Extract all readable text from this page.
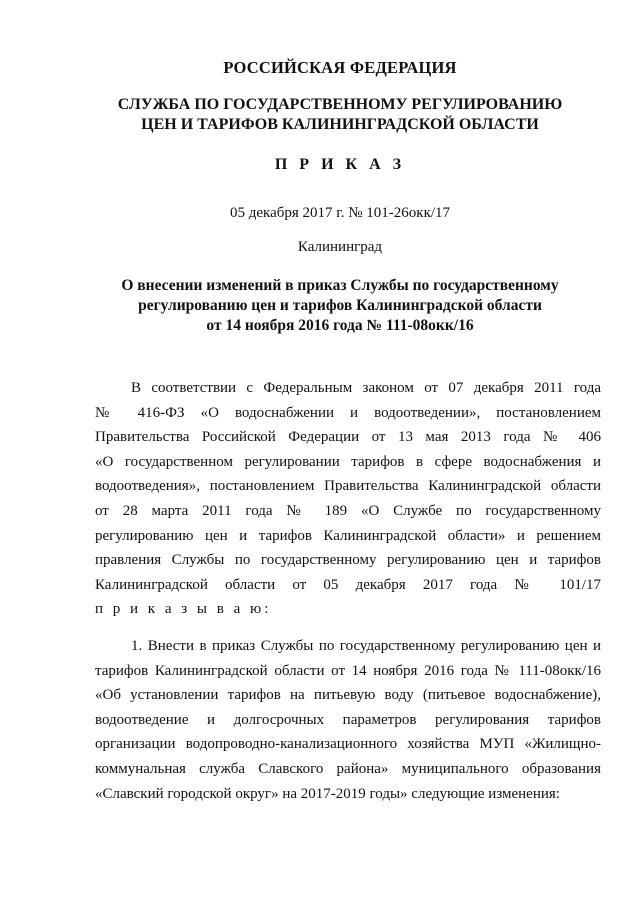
РОССИЙСКАЯ ФЕДЕРАЦИЯ
СЛУЖБА ПО ГОСУДАРСТВЕННОМУ РЕГУЛИРОВАНИЮ
ЦЕН И ТАРИФОВ КАЛИНИНГРАДСКОЙ ОБЛАСТИ
П Р И К А З
05 декабря 2017 г. № 101-26окк/17
Калининград
О внесении изменений в приказ Службы по государственному
регулированию цен и тарифов Калининградской области
от 14 ноября 2016 года № 111-08окк/16
В соответствии с Федеральным законом от 07 декабря 2011 года
№ 416-ФЗ «О водоснабжении и водоотведении», постановлением
Правительства Российской Федерации от 13 мая 2013 года № 406
«О государственном регулировании тарифов в сфере водоснабжения и
водоотведения», постановлением Правительства Калининградской области
от 28 марта 2011 года № 189 «О Службе по государственному
регулированию цен и тарифов Калининградской области» и решением
правления Службы по государственному регулированию цен и тарифов
Калининградской области от 05 декабря 2017 года № 101/17
п р и к а з ы в а ю:
1. Внести в приказ Службы по государственному регулированию цен и
тарифов Калининградской области от 14 ноября 2016 года № 111-08окк/16
«Об установлении тарифов на питьевую воду (питьевое водоснабжение),
водоотведение и долгосрочных параметров регулирования тарифов
организации водопроводно-канализационного хозяйства МУП «Жилищно-
коммунальная служба Славского района» муниципального образования
«Славский городской округ» на 2017-2019 годы» следующие изменения:
